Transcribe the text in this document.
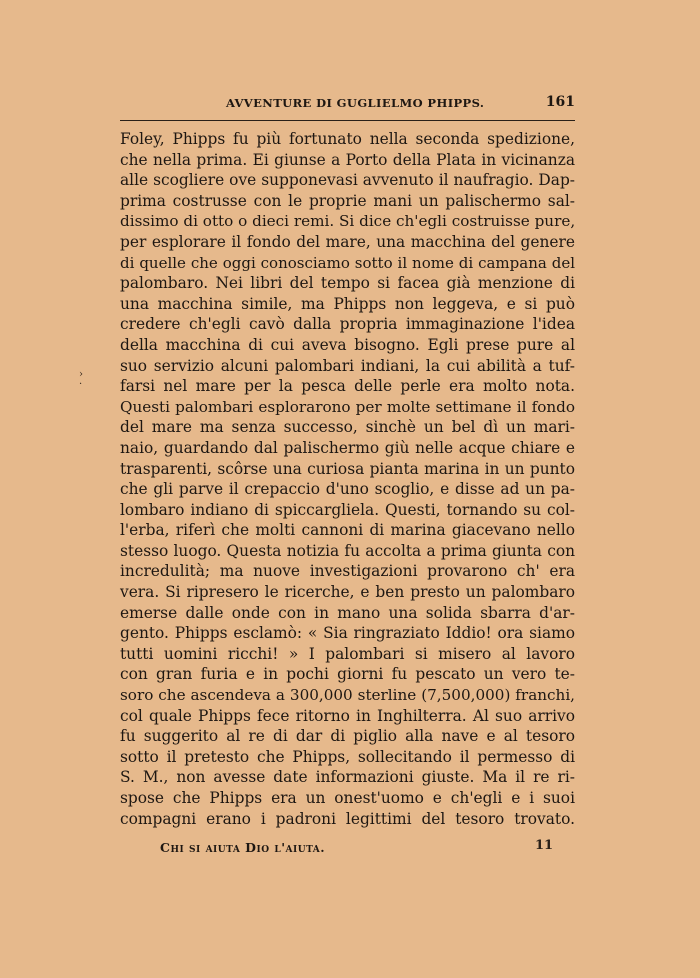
AVVENTURE DI GUGLIELMO PHIPPS.	161
Foley, Phipps fu più fortunato nella seconda spedizione,
che nella prima. Ei giunse a Porto della Plata in vicinanza
alle scogliere ove supponevasi avvenuto il naufragio. Dap-
prima costrusse con le proprie mani un palischermo sal-
dissimo di otto o dieci remi. Si dice ch'egli costruisse pure,
per esplorare il fondo del mare, una macchina del genere
di quelle che oggi conosciamo sotto il nome di campana del
palombaro. Nei libri del tempo si facea già menzione di
una macchina simile, ma Phipps non leggeva, e si può
credere ch'egli cavò dalla propria immaginazione l'idea
della macchina di cui aveva bisogno. Egli prese pure al
suo servizio alcuni palombari indiani, la cui abilità a tuf-
farsi nel mare per la pesca delle perle era molto nota.
Questi palombari esplorarono per molte settimane il fondo
del mare ma senza successo, sinchè un bel dì un mari-
naio, guardando dal palischermo giù nelle acque chiare e
trasparenti, scôrse una curiosa pianta marina in un punto
che gli parve il crepaccio d'uno scoglio, e disse ad un pa-
lombaro indiano di spiccargliela. Questi, tornando su col-
l'erba, riferì che molti cannoni di marina giacevano nello
stesso luogo. Questa notizia fu accolta a prima giunta con
incredulità; ma nuove investigazioni provarono ch' era
vera. Si ripresero le ricerche, e ben presto un palombaro
emerse dalle onde con in mano una solida sbarra d'ar-
gento. Phipps esclamò: « Sia ringraziato Iddio! ora siamo
tutti uomini ricchi! » I palombari si misero al lavoro
con gran furia e in pochi giorni fu pescato un vero te-
soro che ascendeva a 300,000 sterline (7,500,000) franchi,
col quale Phipps fece ritorno in Inghilterra. Al suo arrivo
fu suggerito al re di dar di piglio alla nave e al tesoro
sotto il pretesto che Phipps, sollecitando il permesso di
S. M., non avesse date informazioni giuste. Ma il re ri-
spose che Phipps era un onest'uomo e ch'egli e i suoi
compagni erano i padroni legittimi del tesoro trovato.
›
·
Chi si aiuta Dio l'aiuta.	11
